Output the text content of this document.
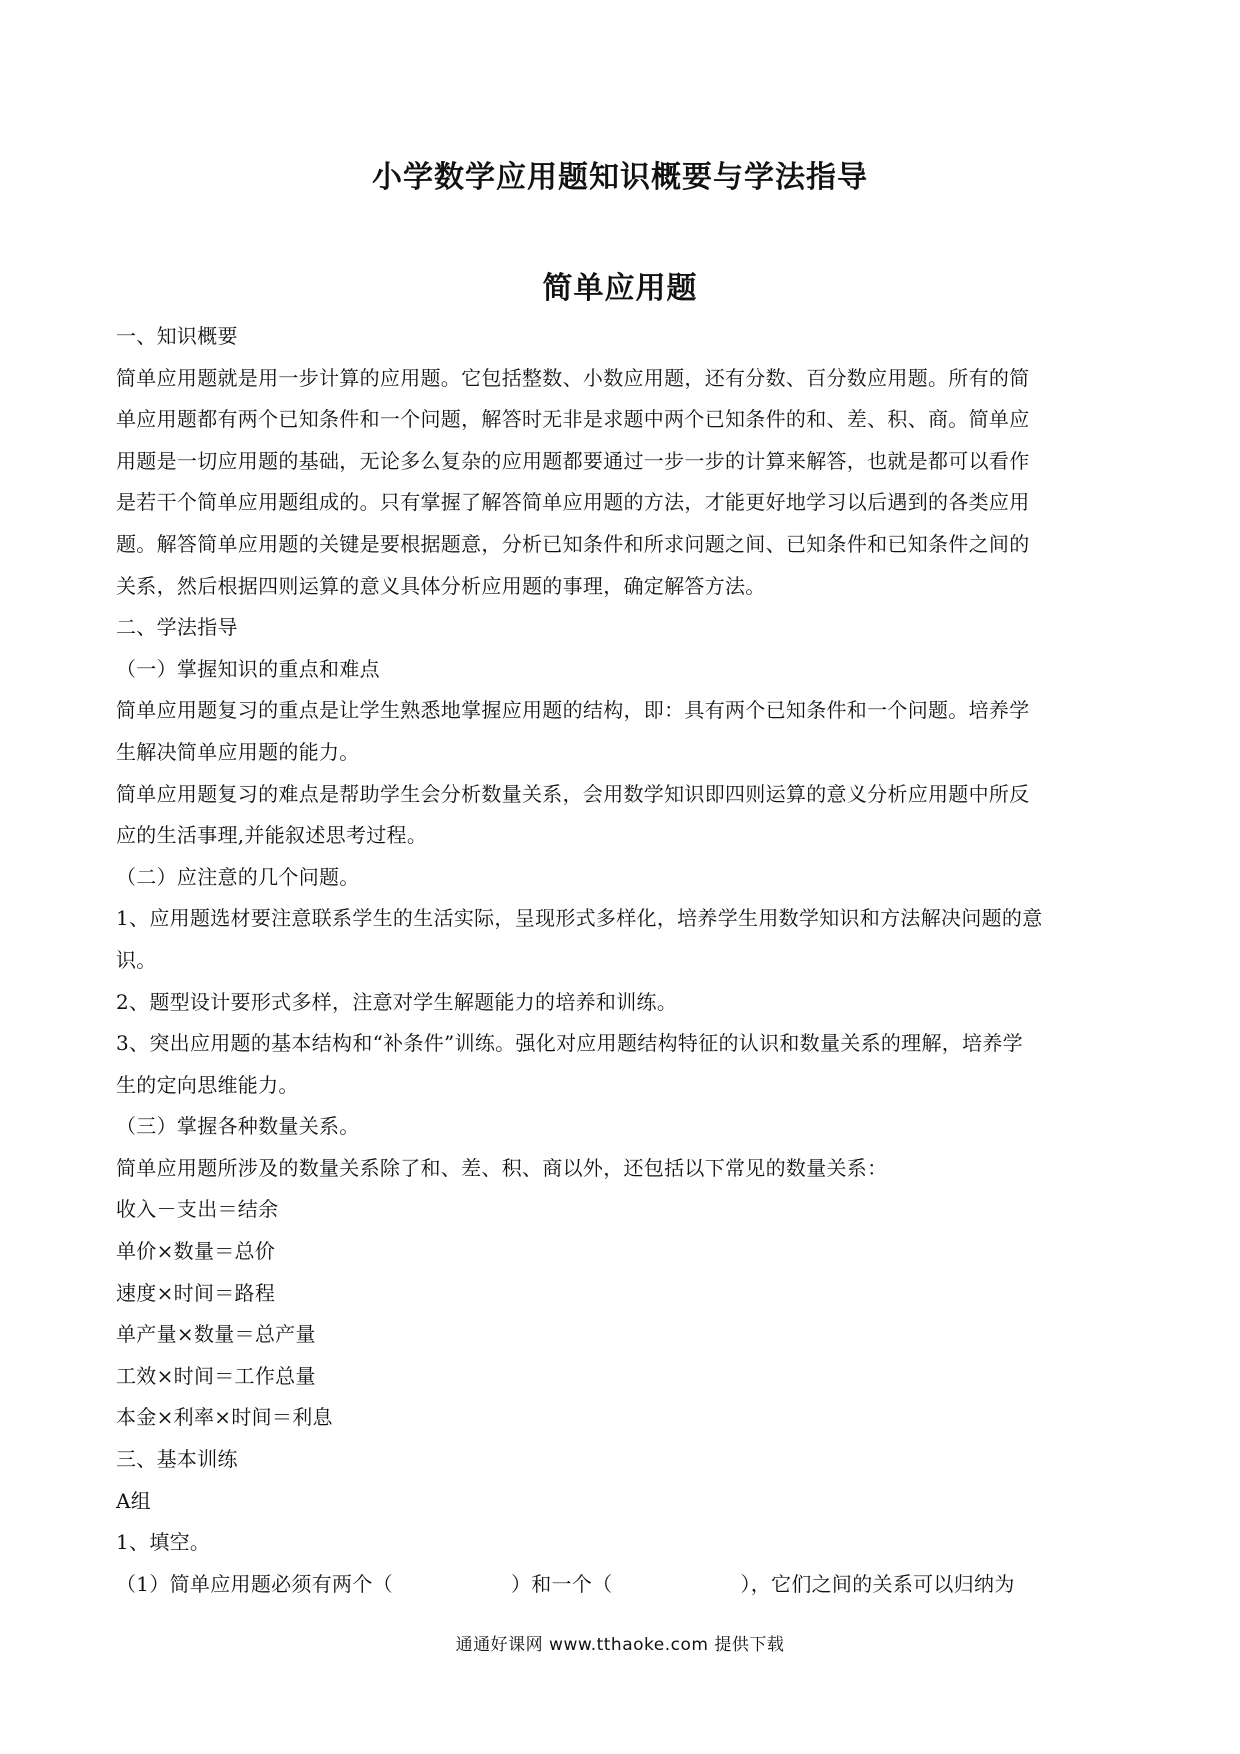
小学数学应用题知识概要与学法指导
简单应用题
一、知识概要
简单应用题就是用一步计算的应用题。它包括整数、小数应用题，还有分数、百分数应用题。所有的简
单应用题都有两个已知条件和一个问题，解答时无非是求题中两个已知条件的和、差、积、商。简单应
用题是一切应用题的基础，无论多么复杂的应用题都要通过一步一步的计算来解答，也就是都可以看作
是若干个简单应用题组成的。只有掌握了解答简单应用题的方法，才能更好地学习以后遇到的各类应用
题。解答简单应用题的关键是要根据题意，分析已知条件和所求问题之间、已知条件和已知条件之间的
关系，然后根据四则运算的意义具体分析应用题的事理，确定解答方法。
二、学法指导
（一）掌握知识的重点和难点
简单应用题复习的重点是让学生熟悉地掌握应用题的结构，即：具有两个已知条件和一个问题。培养学
生解决简单应用题的能力。
简单应用题复习的难点是帮助学生会分析数量关系，会用数学知识即四则运算的意义分析应用题中所反
应的生活事理,并能叙述思考过程。
（二）应注意的几个问题。
1、应用题选材要注意联系学生的生活实际，呈现形式多样化，培养学生用数学知识和方法解决问题的意
识。
2、题型设计要形式多样，注意对学生解题能力的培养和训练。
3、突出应用题的基本结构和“补条件”训练。强化对应用题结构特征的认识和数量关系的理解，培养学
生的定向思维能力。
（三）掌握各种数量关系。
简单应用题所涉及的数量关系除了和、差、积、商以外，还包括以下常见的数量关系：
收入－支出＝结余
单价×数量＝总价
速度×时间＝路程
单产量×数量＝总产量
工效×时间＝工作总量
本金×利率×时间＝利息
三、基本训练
A组
1、填空。
（1）简单应用题必须有两个（	）和一个（	），它们之间的关系可以归纳为
通通好课网 www.tthaoke.com 提供下载
